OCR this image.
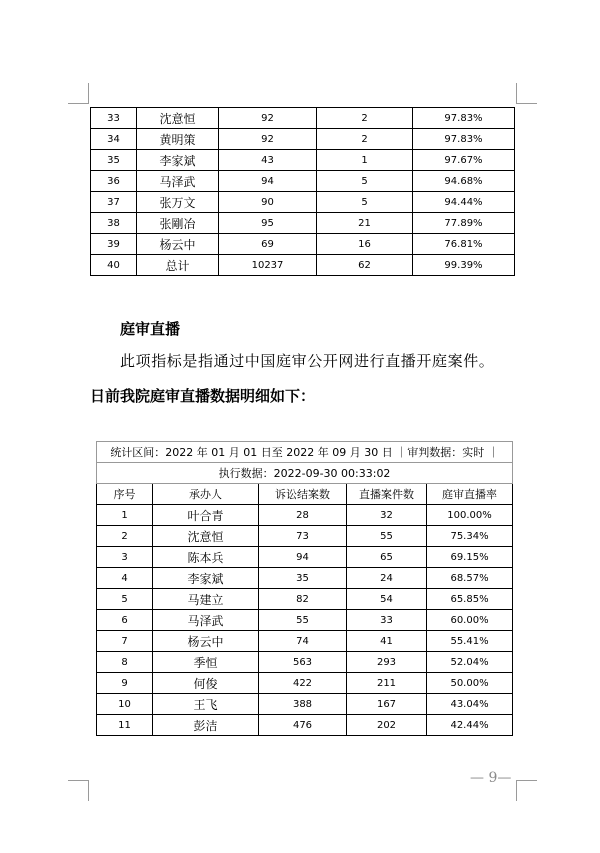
33	沈意恒	92	2	97.83%
34	黄明策	92	2	97.83%
35	李家斌	43	1	97.67%
36	马泽武	94	5	94.68%
37	张万文	90	5	94.44%
38	张剛冶	95	21	77.89%
39	杨云中	69	16	76.81%
40	总计	10237	62	99.39%
庭审直播
此项指标是指通过中国庭审公开网进行直播开庭案件。
日前我院庭审直播数据明细如下：
统计区间：2022 年 01 月 01 日至 2022 年 09 月 30 日 ｜审判数据：实时 ｜				
执行数据：2022-09-30 00:33:02				
序号	承办人	诉讼结案数	直播案件数	庭审直播率
1	叶合青	28	32	100.00%
2	沈意恒	73	55	75.34%
3	陈本兵	94	65	69.15%
4	李家斌	35	24	68.57%
5	马建立	82	54	65.85%
6	马泽武	55	33	60.00%
7	杨云中	74	41	55.41%
8	季恒	563	293	52.04%
9	何俊	422	211	50.00%
10	王飞	388	167	43.04%
11	彭洁	476	202	42.44%
— 9—
